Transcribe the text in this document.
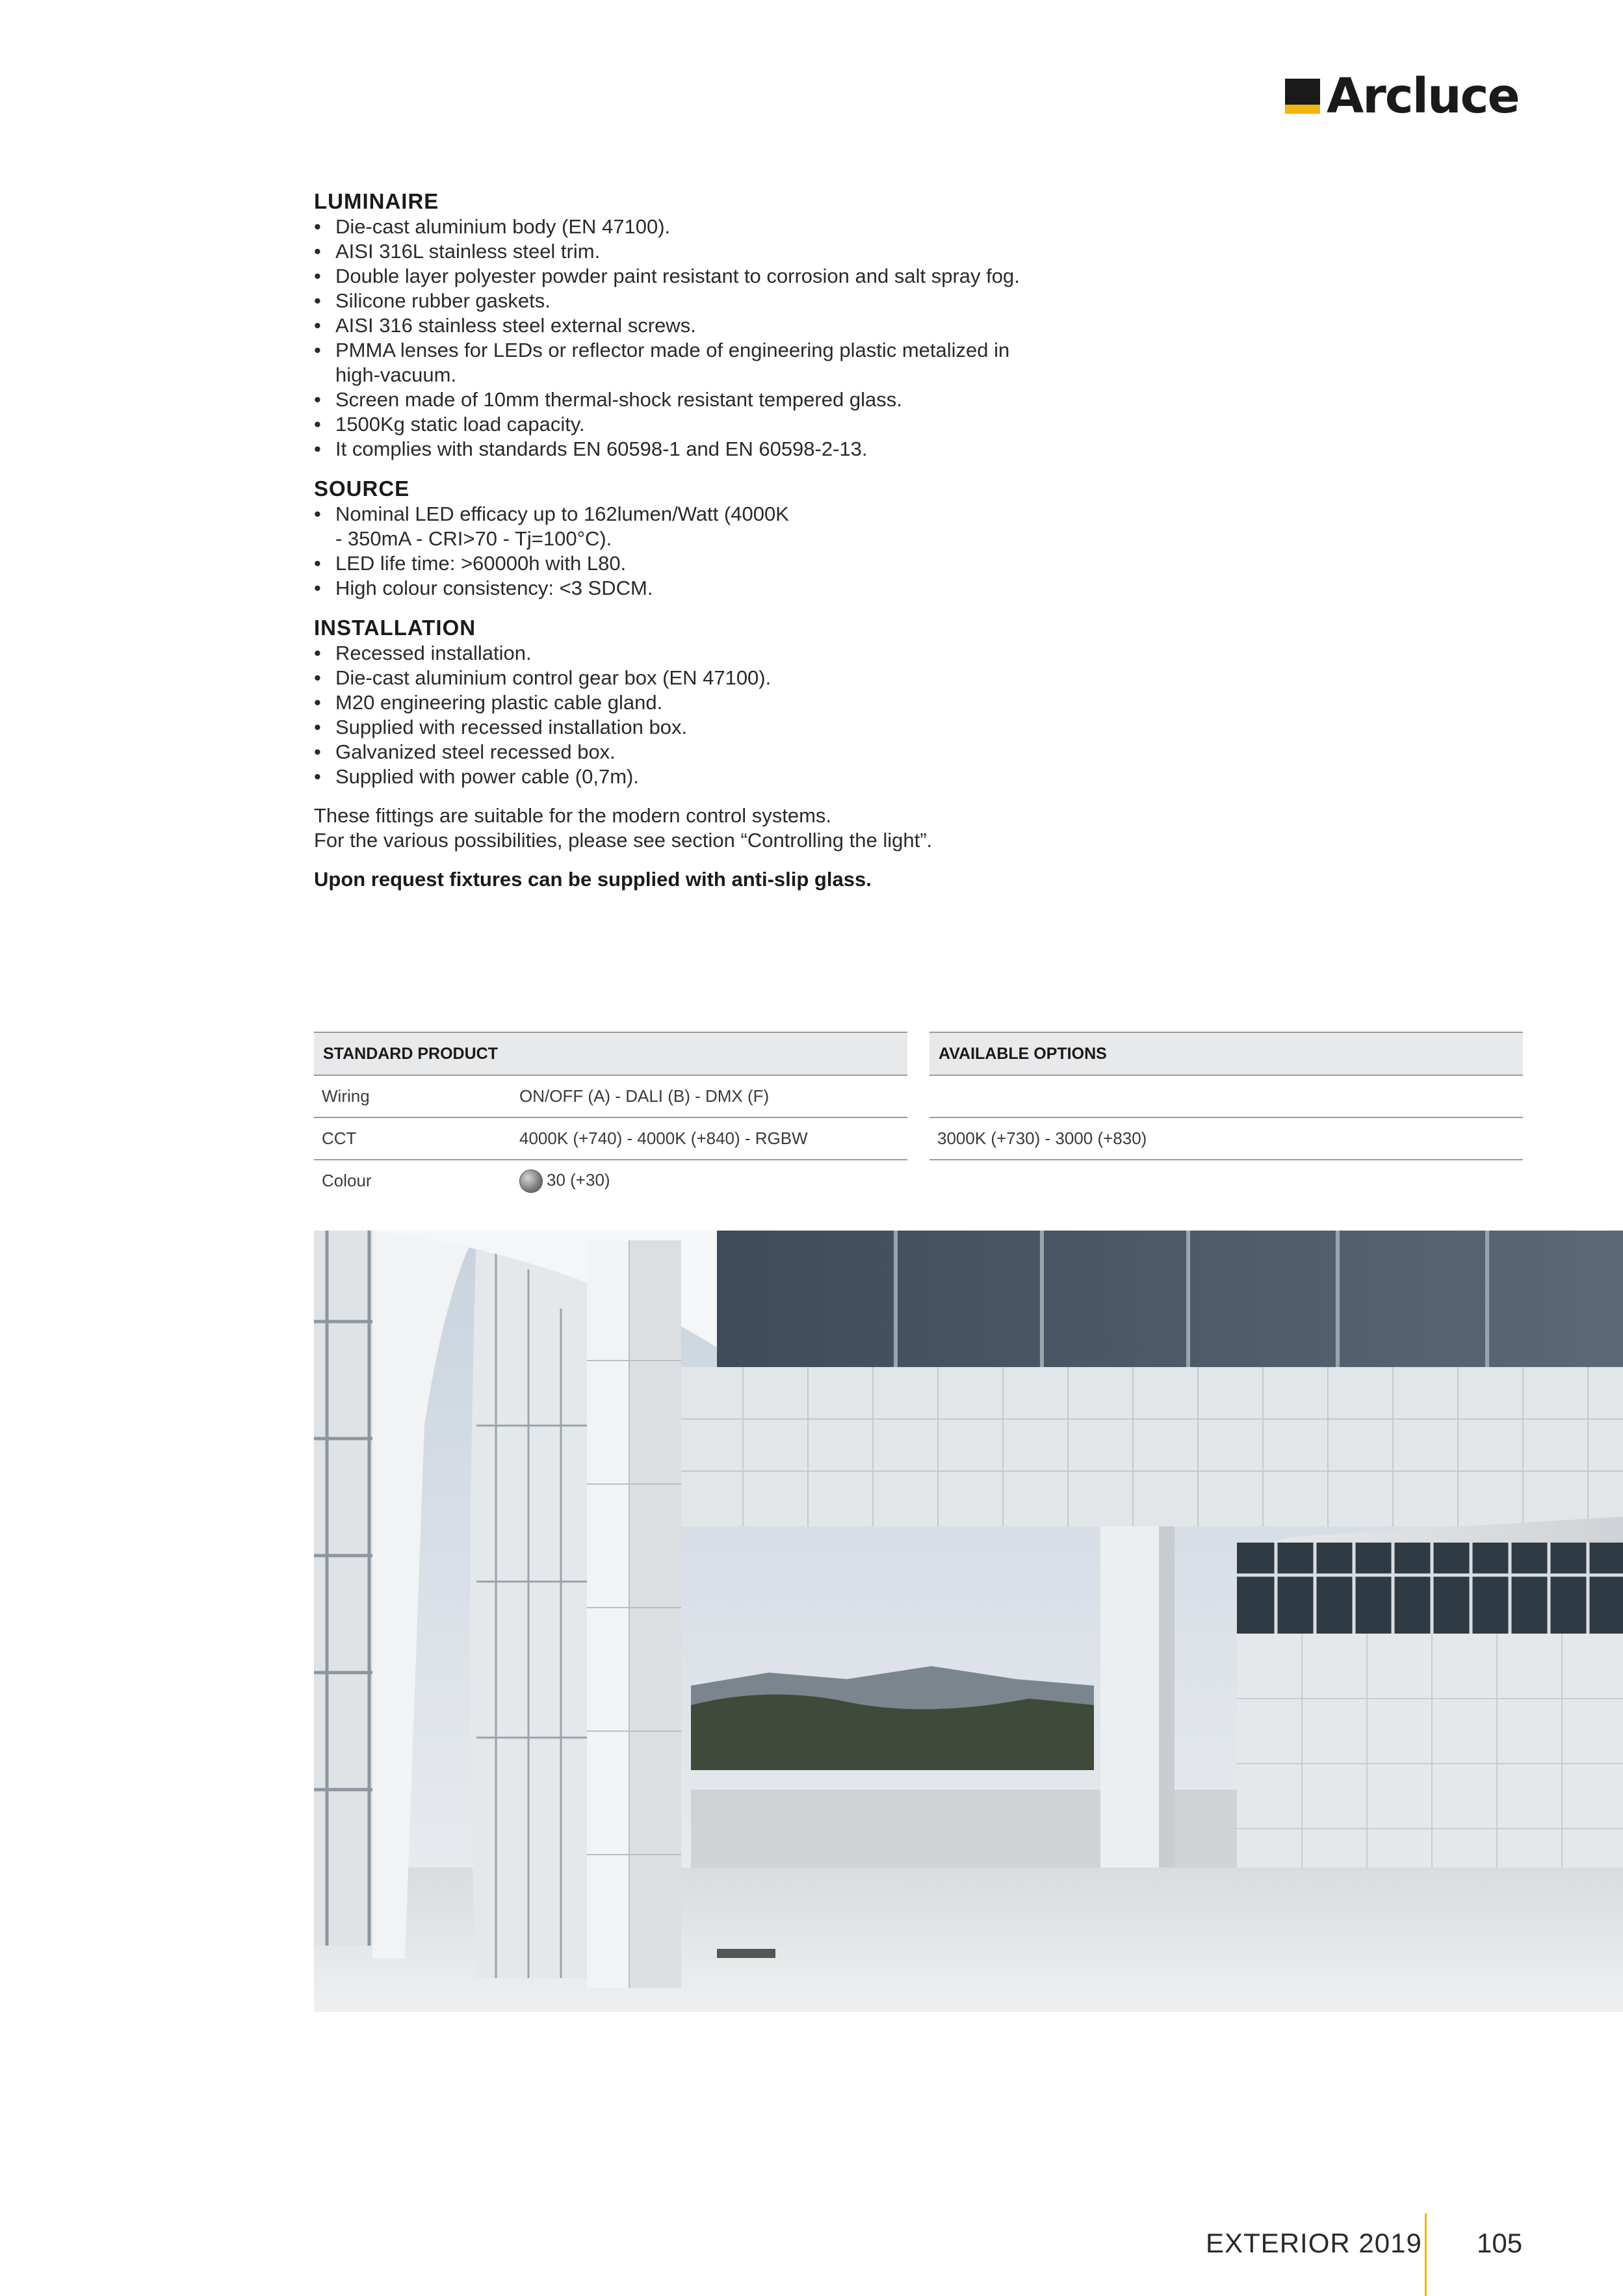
Arcluce
LUMINAIRE
• Die-cast aluminium body (EN 47100).
• AISI 316L stainless steel trim.
• Double layer polyester powder paint resistant to corrosion and salt spray fog.
• Silicone rubber gaskets.
• AISI 316 stainless steel external screws.
• PMMA lenses for LEDs or reflector made of engineering plastic metalized in high-vacuum.
• Screen made of 10mm thermal-shock resistant tempered glass.
• 1500Kg static load capacity.
• It complies with standards EN 60598-1 and EN 60598-2-13.
SOURCE
• Nominal LED efficacy up to 162lumen/Watt (4000K - 350mA - CRI>70 - Tj=100°C).
• LED life time: >60000h with L80.
• High colour consistency: <3 SDCM.
INSTALLATION
• Recessed installation.
• Die-cast aluminium control gear box (EN 47100).
• M20 engineering plastic cable gland.
• Supplied with recessed installation box.
• Galvanized steel recessed box.
• Supplied with power cable (0,7m).

These fittings are suitable for the modern control systems.

For the various possibilities, please see section “Controlling the light”.

Upon request fixtures can be supplied with anti-slip glass.

STANDARD PRODUCT	
Wiring	ON/OFF (A) - DALI (B) - DMX (F)
CCT	4000K (+740) - 4000K (+840) - RGBW
Colour	30 (+30)
AVAILABLE OPTIONS

3000K (+730) - 3000 (+830)
EXTERIOR 2019 105
